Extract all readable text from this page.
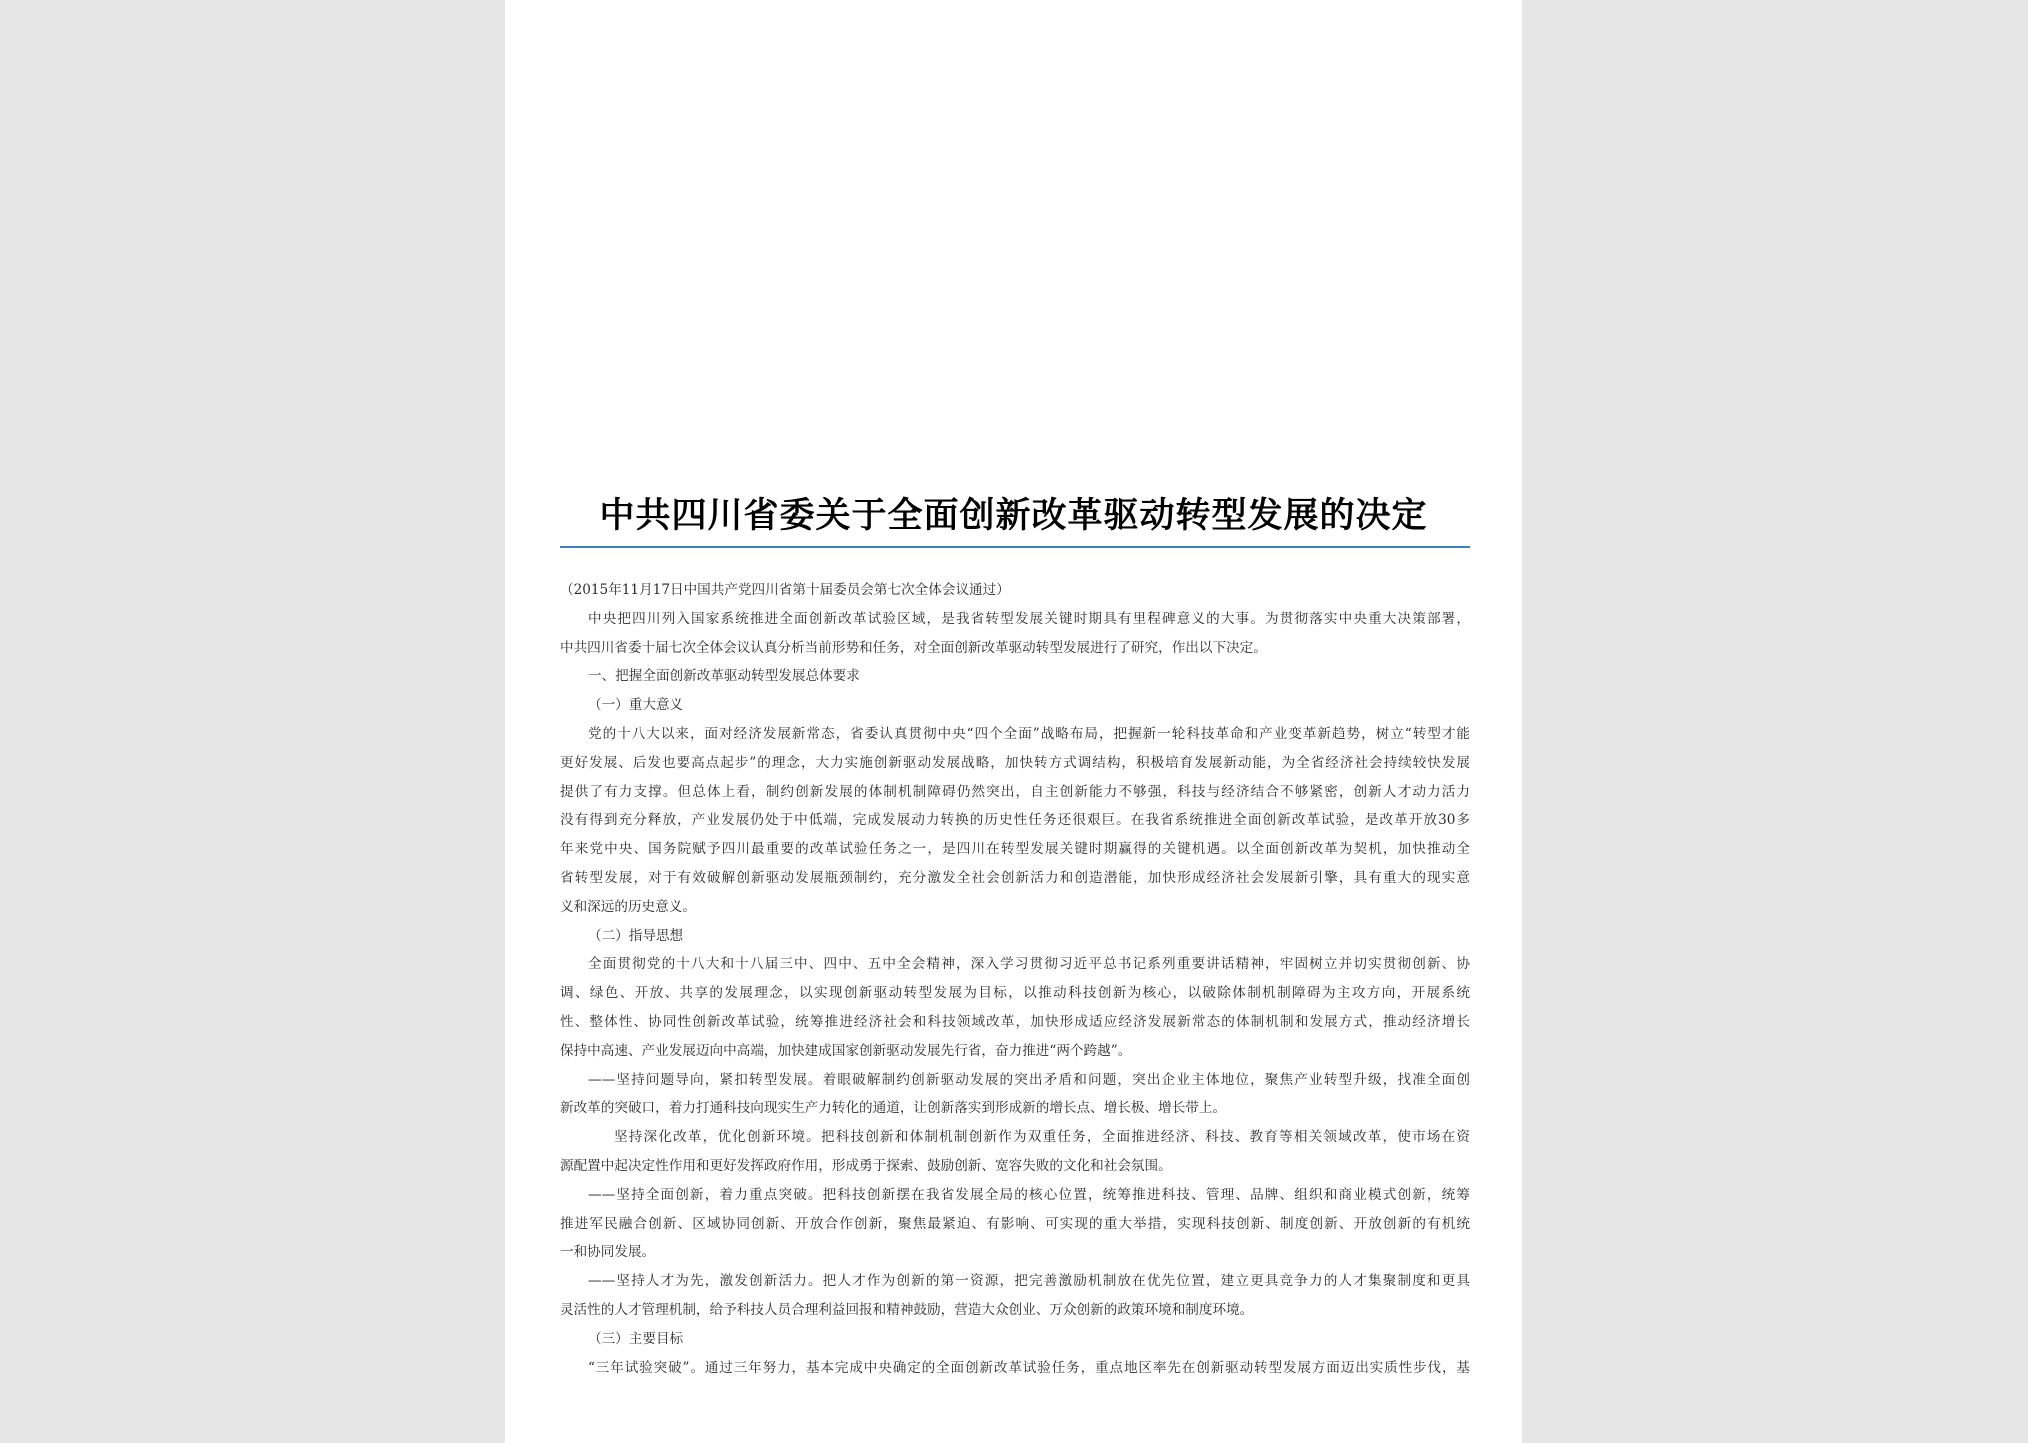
中共四川省委关于全面创新改革驱动转型发展的决定
（2015年11月17日中国共产党四川省第十届委员会第七次全体会议通过）
中央把四川列入国家系统推进全面创新改革试验区域，是我省转型发展关键时期具有里程碑意义的大事。为贯彻落实中央重大决策部署，
中共四川省委十届七次全体会议认真分析当前形势和任务，对全面创新改革驱动转型发展进行了研究，作出以下决定。
一、把握全面创新改革驱动转型发展总体要求
（一）重大意义
党的十八大以来，面对经济发展新常态，省委认真贯彻中央“四个全面”战略布局，把握新一轮科技革命和产业变革新趋势，树立“转型才能
更好发展、后发也要高点起步”的理念，大力实施创新驱动发展战略，加快转方式调结构，积极培育发展新动能，为全省经济社会持续较快发展
提供了有力支撑。但总体上看，制约创新发展的体制机制障碍仍然突出，自主创新能力不够强，科技与经济结合不够紧密，创新人才动力活力
没有得到充分释放，产业发展仍处于中低端，完成发展动力转换的历史性任务还很艰巨。在我省系统推进全面创新改革试验，是改革开放30多
年来党中央、国务院赋予四川最重要的改革试验任务之一，是四川在转型发展关键时期赢得的关键机遇。以全面创新改革为契机，加快推动全
省转型发展，对于有效破解创新驱动发展瓶颈制约，充分激发全社会创新活力和创造潜能，加快形成经济社会发展新引擎，具有重大的现实意
义和深远的历史意义。
（二）指导思想
全面贯彻党的十八大和十八届三中、四中、五中全会精神，深入学习贯彻习近平总书记系列重要讲话精神，牢固树立并切实贯彻创新、协
调、绿色、开放、共享的发展理念，以实现创新驱动转型发展为目标，以推动科技创新为核心，以破除体制机制障碍为主攻方向，开展系统
性、整体性、协同性创新改革试验，统筹推进经济社会和科技领域改革，加快形成适应经济发展新常态的体制机制和发展方式，推动经济增长
保持中高速、产业发展迈向中高端，加快建成国家创新驱动发展先行省，奋力推进“两个跨越”。
——坚持问题导向，紧扣转型发展。着眼破解制约创新驱动发展的突出矛盾和问题，突出企业主体地位，聚焦产业转型升级，找准全面创
新改革的突破口，着力打通科技向现实生产力转化的通道，让创新落实到形成新的增长点、增长极、增长带上。
坚持深化改革，优化创新环境。把科技创新和体制机制创新作为双重任务，全面推进经济、科技、教育等相关领域改革，使市场在资
源配置中起决定性作用和更好发挥政府作用，形成勇于探索、鼓励创新、宽容失败的文化和社会氛围。
——坚持全面创新，着力重点突破。把科技创新摆在我省发展全局的核心位置，统筹推进科技、管理、品牌、组织和商业模式创新，统筹
推进军民融合创新、区域协同创新、开放合作创新，聚焦最紧迫、有影响、可实现的重大举措，实现科技创新、制度创新、开放创新的有机统
一和协同发展。
——坚持人才为先，激发创新活力。把人才作为创新的第一资源，把完善激励机制放在优先位置，建立更具竞争力的人才集聚制度和更具
灵活性的人才管理机制，给予科技人员合理利益回报和精神鼓励，营造大众创业、万众创新的政策环境和制度环境。
（三）主要目标
“三年试验突破”。通过三年努力，基本完成中央确定的全面创新改革试验任务，重点地区率先在创新驱动转型发展方面迈出实质性步伐，基
